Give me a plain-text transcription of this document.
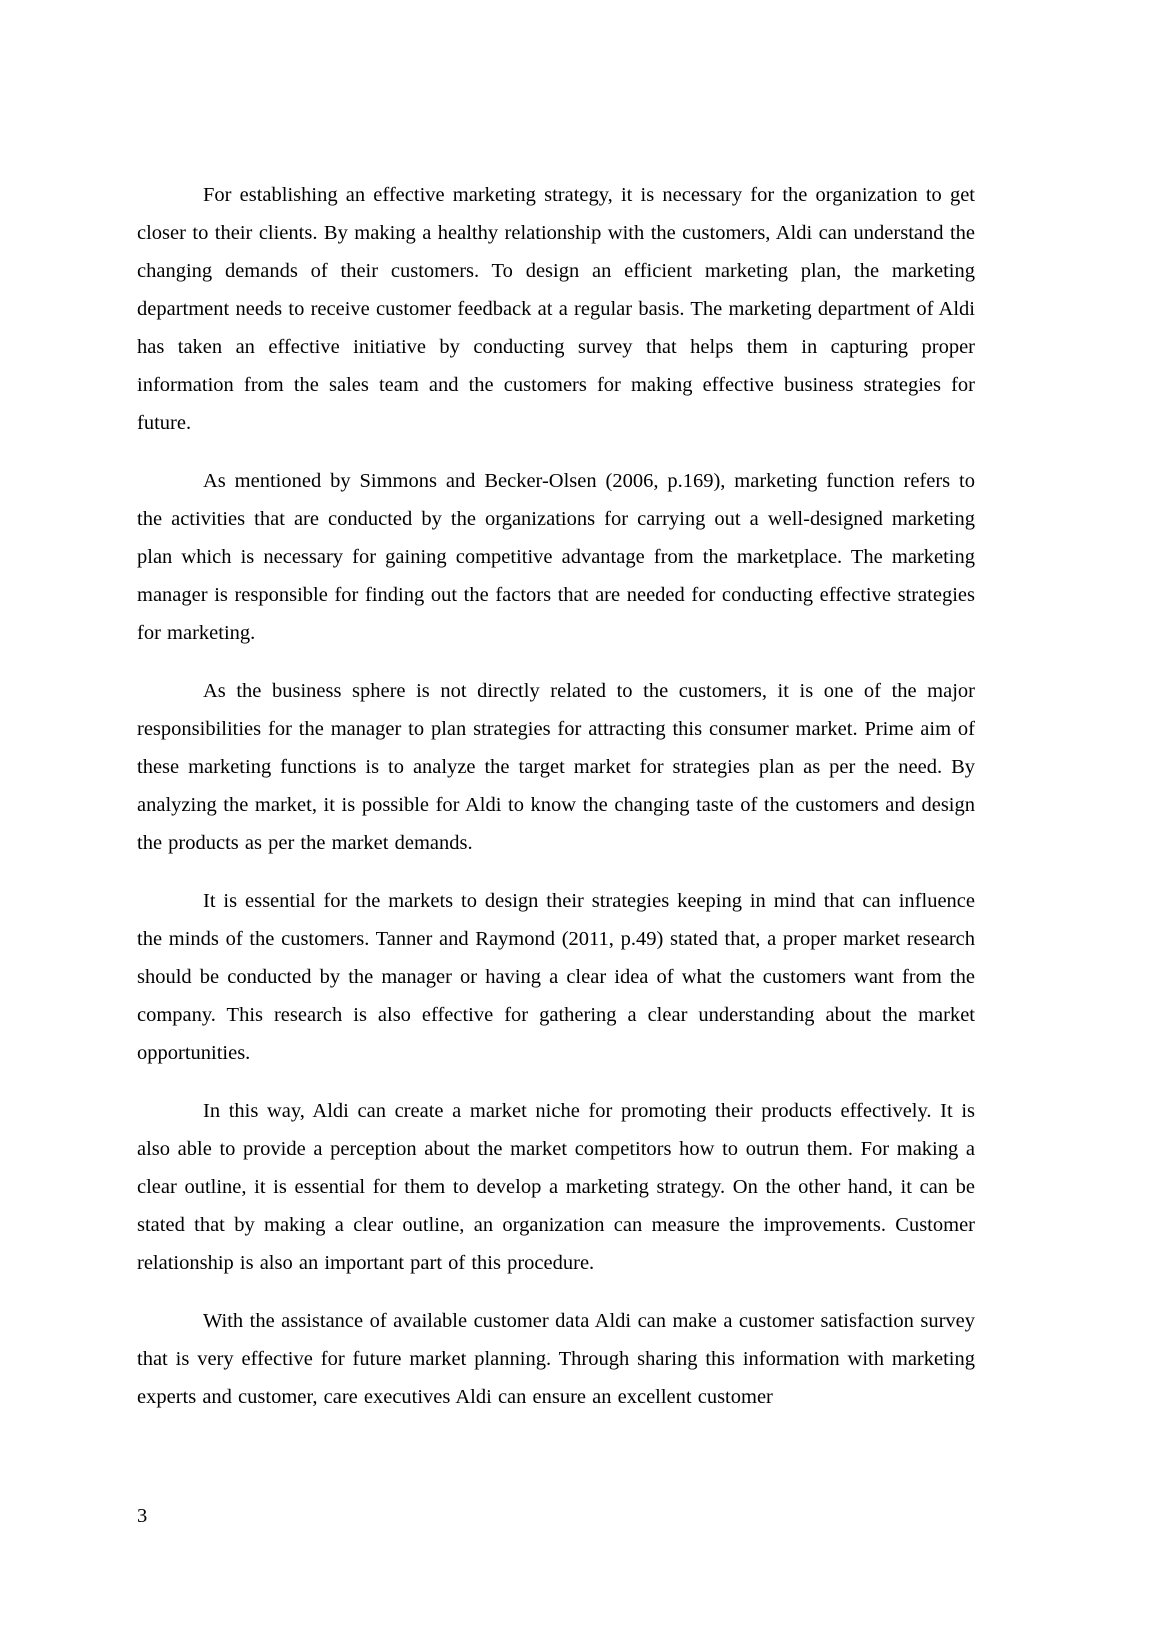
For establishing an effective marketing strategy, it is necessary for the organization to get closer to their clients. By making a healthy relationship with the customers, Aldi can understand the changing demands of their customers. To design an efficient marketing plan, the marketing department needs to receive customer feedback at a regular basis. The marketing department of Aldi has taken an effective initiative by conducting survey that helps them in capturing proper information from the sales team and the customers for making effective business strategies for future.

As mentioned by Simmons and Becker-Olsen (2006, p.169), marketing function refers to the activities that are conducted by the organizations for carrying out a well-designed marketing plan which is necessary for gaining competitive advantage from the marketplace. The marketing manager is responsible for finding out the factors that are needed for conducting effective strategies for marketing.

As the business sphere is not directly related to the customers, it is one of the major responsibilities for the manager to plan strategies for attracting this consumer market. Prime aim of these marketing functions is to analyze the target market for strategies plan as per the need. By analyzing the market, it is possible for Aldi to know the changing taste of the customers and design the products as per the market demands.

It is essential for the markets to design their strategies keeping in mind that can influence the minds of the customers. Tanner and Raymond (2011, p.49) stated that, a proper market research should be conducted by the manager or having a clear idea of what the customers want from the company. This research is also effective for gathering a clear understanding about the market opportunities.

In this way, Aldi can create a market niche for promoting their products effectively. It is also able to provide a perception about the market competitors how to outrun them. For making a clear outline, it is essential for them to develop a marketing strategy. On the other hand, it can be stated that by making a clear outline, an organization can measure the improvements. Customer relationship is also an important part of this procedure.

With the assistance of available customer data Aldi can make a customer satisfaction survey that is very effective for future market planning. Through sharing this information with marketing experts and customer, care executives Aldi can ensure an excellent customer

3
